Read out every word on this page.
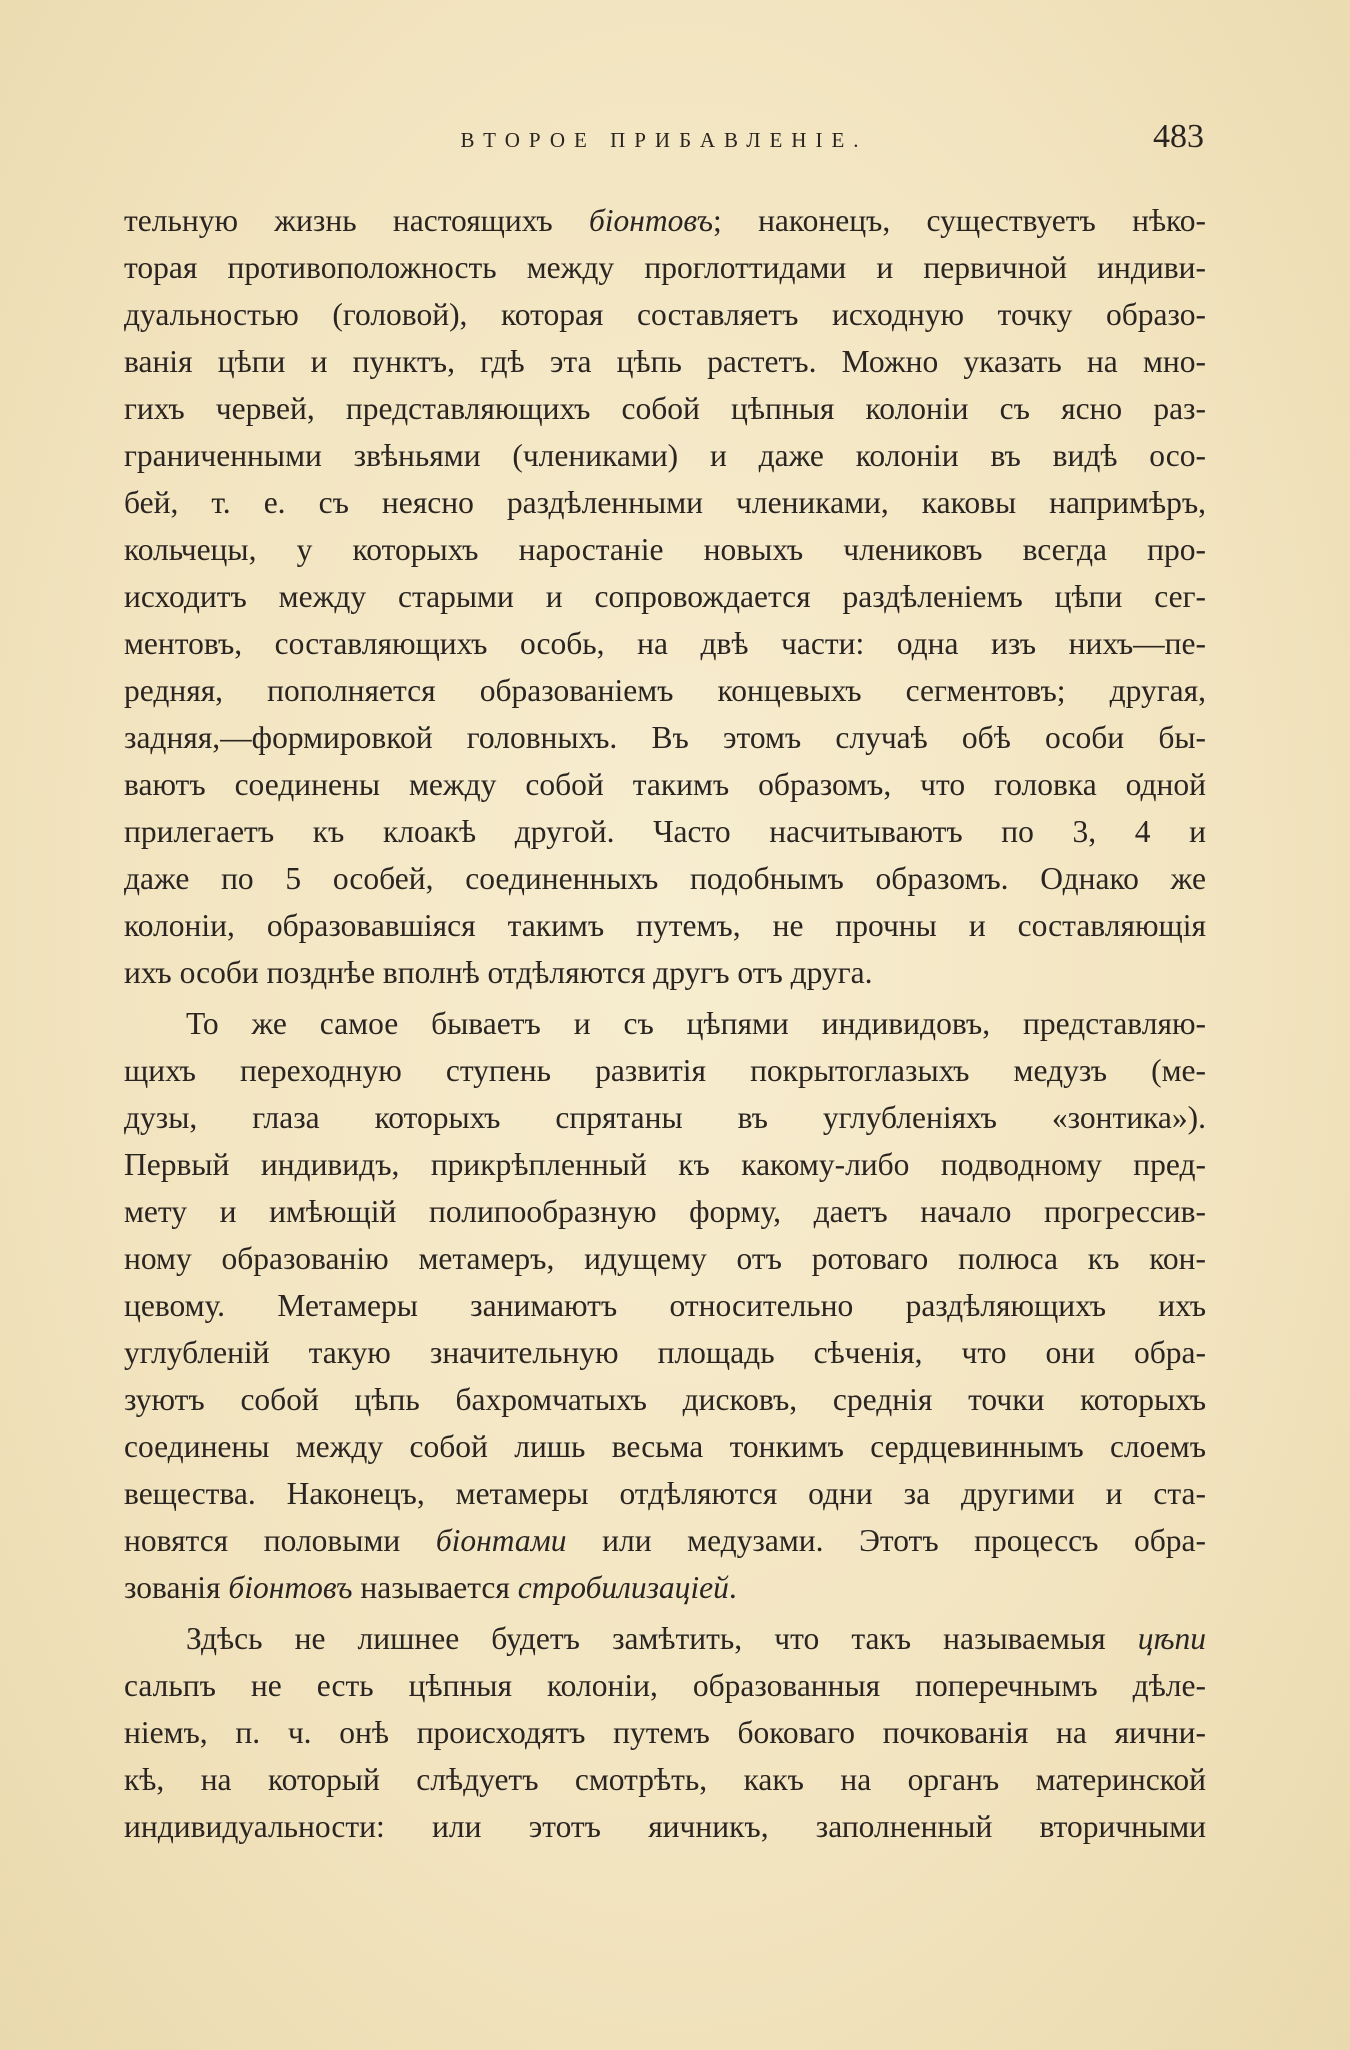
ВТОРОЕ ПРИБАВЛЕНІЕ.	483
тельную жизнь настоящихъ бiонтовъ; наконецъ, существуетъ нѣко-
торая противоположность между проглоттидами и первичной индиви-
дуальностью (головой), которая составляетъ исходную точку образо-
ванія цѣпи и пунктъ, гдѣ эта цѣпь растетъ. Можно указать на мно-
гихъ червей, представляющихъ собой цѣпныя колоніи съ ясно раз-
граниченными звѣньями (члениками) и даже колоніи въ видѣ осо-
бей, т. е. съ неясно раздѣленными члениками, каковы напримѣръ,
кольчецы, у которыхъ наростаніе новыхъ члениковъ всегда про-
исходитъ между старыми и сопровождается раздѣленіемъ цѣпи сег-
ментовъ, составляющихъ особь, на двѣ части: одна изъ нихъ—пе-
редняя, пополняется образованіемъ концевыхъ сегментовъ; другая,
задняя,—формировкой головныхъ. Въ этомъ случаѣ обѣ особи бы-
ваютъ соединены между собой такимъ образомъ, что головка одной
прилегаетъ къ клоакѣ другой. Часто насчитываютъ по 3, 4 и
даже по 5 особей, соединенныхъ подобнымъ образомъ. Однако же
колоніи, образовавшіяся такимъ путемъ, не прочны и составляющія
ихъ особи позднѣе вполнѣ отдѣляются другъ отъ друга.
То же самое бываетъ и съ цѣпями индивидовъ, представляю-
щихъ переходную ступень развитія покрытоглазыхъ медузъ (ме-
дузы, глаза которыхъ спрятаны въ углубленіяхъ «зонтика»).
Первый индивидъ, прикрѣпленный къ какому-либо подводному пред-
мету и имѣющій полипообразную форму, даетъ начало прогрессив-
ному образованію метамеръ, идущему отъ ротоваго полюса къ кон-
цевому. Метамеры занимаютъ относительно раздѣляющихъ ихъ
углубленій такую значительную площадь сѣченія, что они обра-
зуютъ собой цѣпь бахромчатыхъ дисковъ, среднія точки которыхъ
соединены между собой лишь весьма тонкимъ сердцевиннымъ слоемъ
вещества. Наконецъ, метамеры отдѣляются одни за другими и ста-
новятся половыми бiонтами или медузами. Этотъ процессъ обра-
зованія бiонтовъ называется стробилизаціей.
Здѣсь не лишнее будетъ замѣтить, что такъ называемыя цѣпи
сальпъ не есть цѣпныя колоніи, образованныя поперечнымъ дѣле-
ніемъ, п. ч. онѣ происходятъ путемъ боковаго почкованія на яични-
кѣ, на который слѣдуетъ смотрѣть, какъ на органъ материнской
индивидуальности: или этотъ яичникъ, заполненный вторичными
